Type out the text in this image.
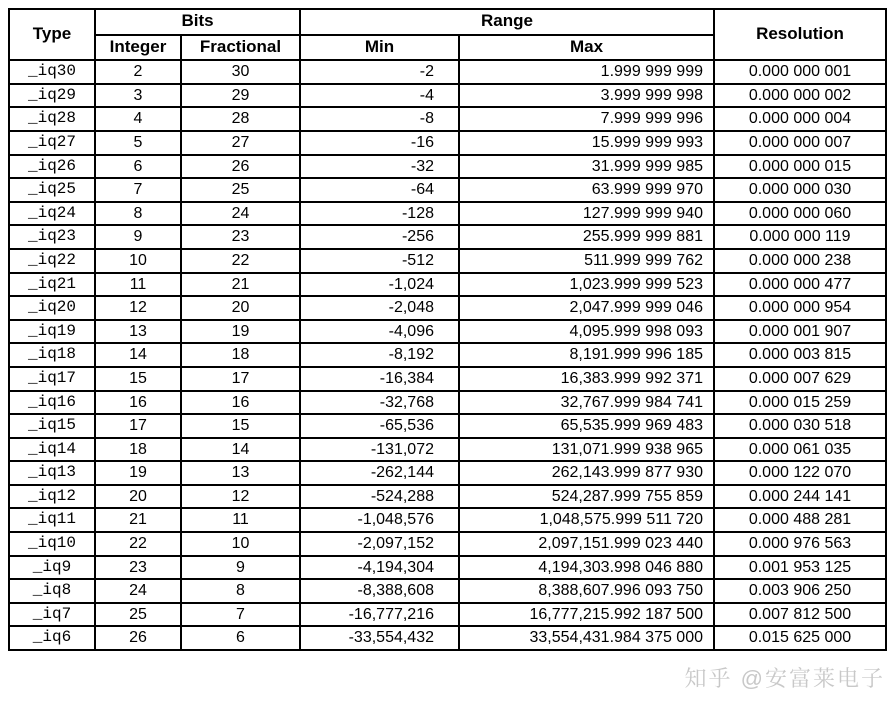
Type	Bits		Range		Resolution
	Integer	Fractional	Min	Max	
_iq30	2	30	-2	1.999 999 999	0.000 000 001
_iq29	3	29	-4	3.999 999 998	0.000 000 002
_iq28	4	28	-8	7.999 999 996	0.000 000 004
_iq27	5	27	-16	15.999 999 993	0.000 000 007
_iq26	6	26	-32	31.999 999 985	0.000 000 015
_iq25	7	25	-64	63.999 999 970	0.000 000 030
_iq24	8	24	-128	127.999 999 940	0.000 000 060
_iq23	9	23	-256	255.999 999 881	0.000 000 119
_iq22	10	22	-512	511.999 999 762	0.000 000 238
_iq21	11	21	-1,024	1,023.999 999 523	0.000 000 477
_iq20	12	20	-2,048	2,047.999 999 046	0.000 000 954
_iq19	13	19	-4,096	4,095.999 998 093	0.000 001 907
_iq18	14	18	-8,192	8,191.999 996 185	0.000 003 815
_iq17	15	17	-16,384	16,383.999 992 371	0.000 007 629
_iq16	16	16	-32,768	32,767.999 984 741	0.000 015 259
_iq15	17	15	-65,536	65,535.999 969 483	0.000 030 518
_iq14	18	14	-131,072	131,071.999 938 965	0.000 061 035
_iq13	19	13	-262,144	262,143.999 877 930	0.000 122 070
_iq12	20	12	-524,288	524,287.999 755 859	0.000 244 141
_iq11	21	11	-1,048,576	1,048,575.999 511 720	0.000 488 281
_iq10	22	10	-2,097,152	2,097,151.999 023 440	0.000 976 563
_iq9	23	9	-4,194,304	4,194,303.998 046 880	0.001 953 125
_iq8	24	8	-8,388,608	8,388,607.996 093 750	0.003 906 250
_iq7	25	7	-16,777,216	16,777,215.992 187 500	0.007 812 500
_iq6	26	6	-33,554,432	33,554,431.984 375 000	0.015 625 000
知乎 @安富莱电子
